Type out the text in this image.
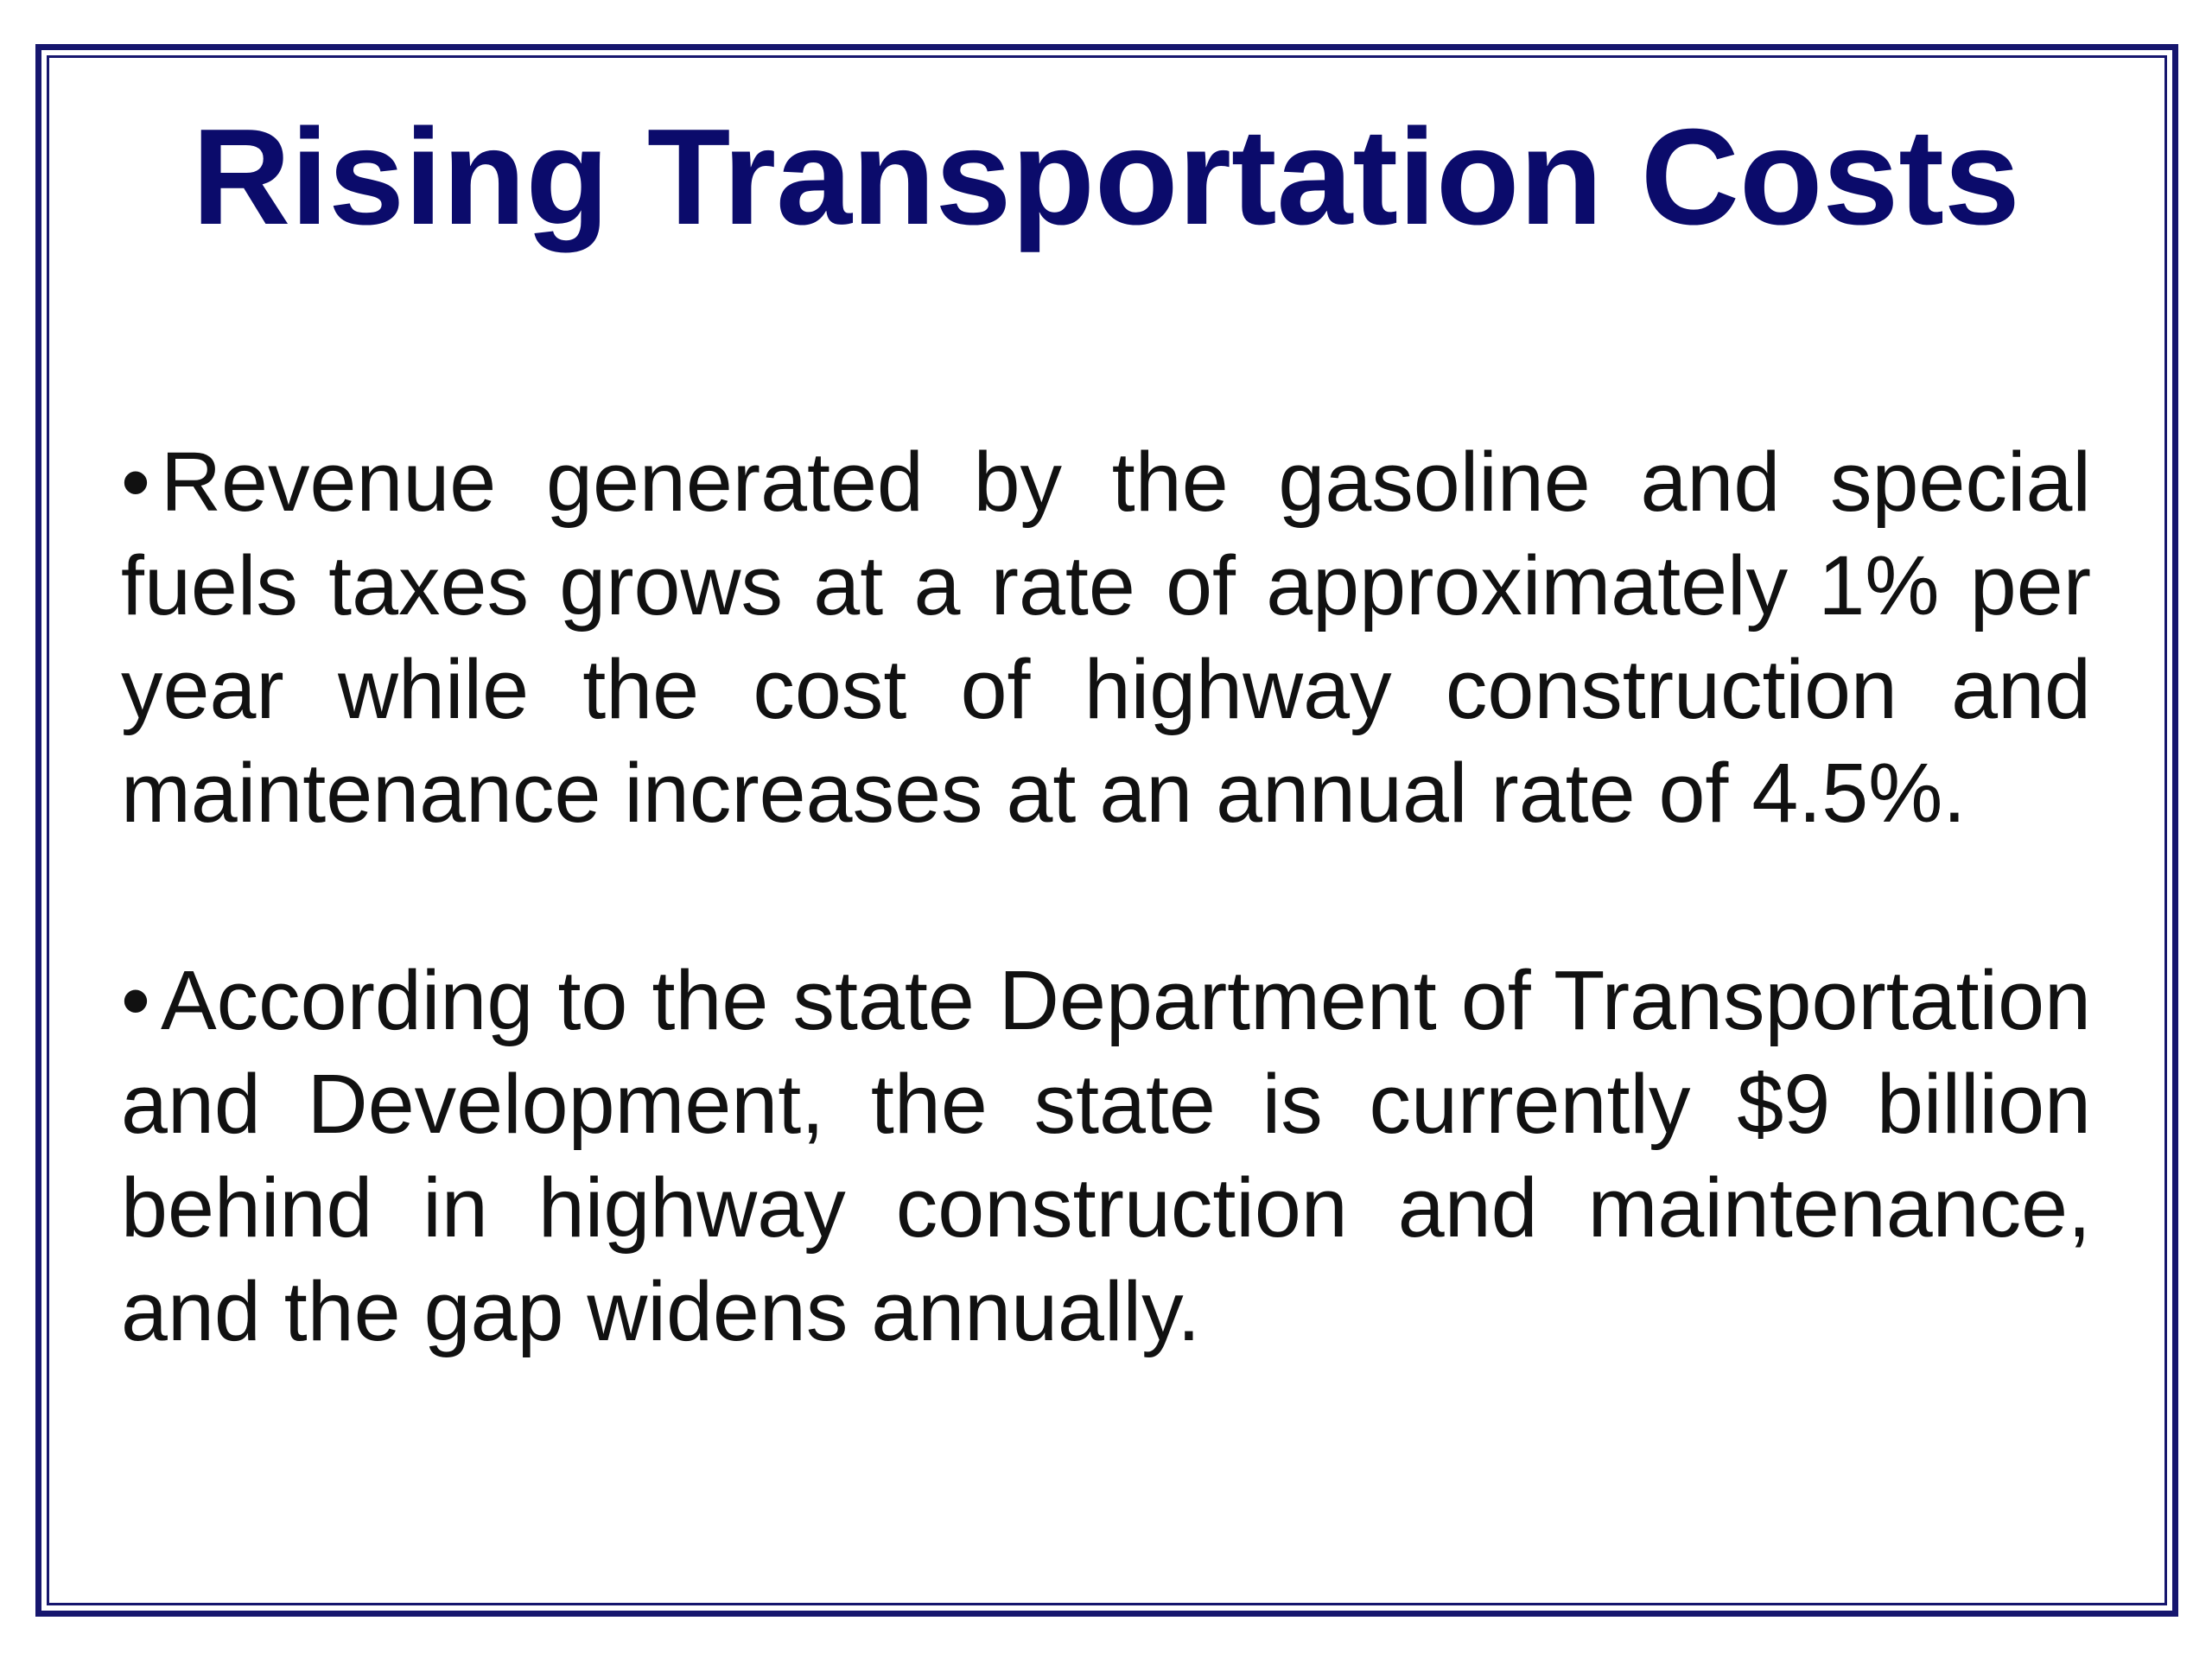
Rising Transportation Costs

• Revenue generated by the gasoline and special fuels taxes grows at a rate of approximately 1% per year while the cost of highway construction and maintenance increases at an annual rate of 4.5%.

• According to the state Department of Transportation and Development, the state is currently $9 billion behind in highway construction and maintenance, and the gap widens annually.
